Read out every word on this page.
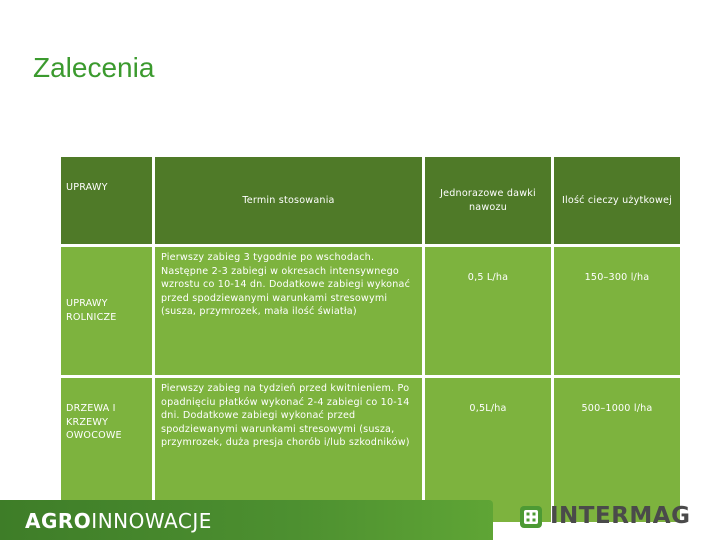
Zalecenia
UPRAWY	Termin stosowania	Jednorazowe dawki nawozu	Ilość cieczy użytkowej
UPRAWY ROLNICZE	Pierwszy zabieg 3 tygodnie po wschodach. Następne 2-3 zabiegi w okresach intensywnego wzrostu co 10-14 dn. Dodatkowe zabiegi wykonać przed spodziewanymi warunkami stresowymi (susza, przymrozek, mała ilość światła)	0,5 L/ha	150–300 l/ha
DRZEWA I KRZEWY OWOCOWE	Pierwszy zabieg na tydzień przed kwitnieniem. Po opadnięciu płatków wykonać 2-4 zabiegi co 10-14 dni. Dodatkowe zabiegi wykonać przed spodziewanymi warunkami stresowymi (susza, przymrozek, duża presja chorób i/lub szkodników)	0,5L/ha	500–1000 l/ha
AGROINNOWACJE	INTERMAG
